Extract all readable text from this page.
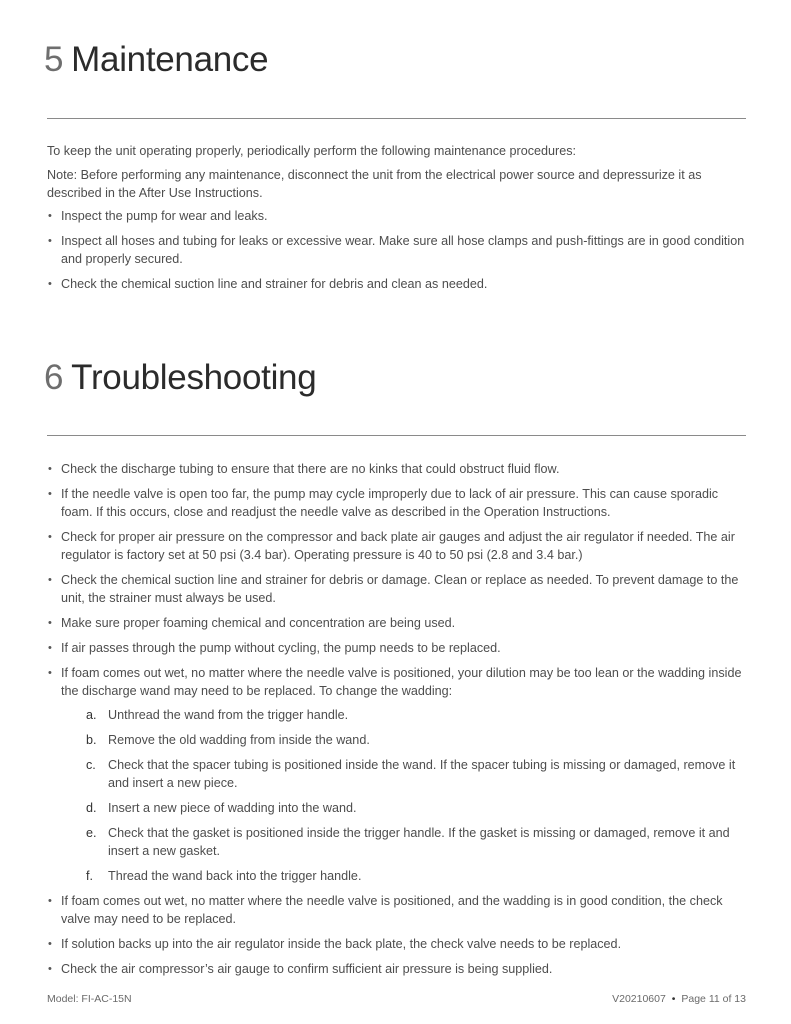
5 Maintenance
To keep the unit operating properly, periodically perform the following maintenance procedures:
Note: Before performing any maintenance, disconnect the unit from the electrical power source and depressurize it as described in the After Use Instructions.
• Inspect the pump for wear and leaks.
• Inspect all hoses and tubing for leaks or excessive wear. Make sure all hose clamps and push-fittings are in good condition and properly secured.
• Check the chemical suction line and strainer for debris and clean as needed.
6 Troubleshooting
• Check the discharge tubing to ensure that there are no kinks that could obstruct fluid flow.
• If the needle valve is open too far, the pump may cycle improperly due to lack of air pressure. This can cause sporadic foam. If this occurs, close and readjust the needle valve as described in the Operation Instructions.
• Check for proper air pressure on the compressor and back plate air gauges and adjust the air regulator if needed. The air regulator is factory set at 50 psi (3.4 bar). Operating pressure is 40 to 50 psi (2.8 and 3.4 bar.)
• Check the chemical suction line and strainer for debris or damage. Clean or replace as needed. To prevent damage to the unit, the strainer must always be used.
• Make sure proper foaming chemical and concentration are being used.
• If air passes through the pump without cycling, the pump needs to be replaced.
• If foam comes out wet, no matter where the needle valve is positioned, your dilution may be too lean or the wadding inside the discharge wand may need to be replaced. To change the wadding:
a. Unthread the wand from the trigger handle.
b. Remove the old wadding from inside the wand.
c. Check that the spacer tubing is positioned inside the wand. If the spacer tubing is missing or damaged, remove it and insert a new piece.
d. Insert a new piece of wadding into the wand.
e. Check that the gasket is positioned inside the trigger handle. If the gasket is missing or damaged, remove it and insert a new gasket.
f. Thread the wand back into the trigger handle.
• If foam comes out wet, no matter where the needle valve is positioned, and the wadding is in good condition, the check valve may need to be replaced.
• If solution backs up into the air regulator inside the back plate, the check valve needs to be replaced.
• Check the air compressor’s air gauge to confirm sufficient air pressure is being supplied.
Model: FI-AC-15N	V20210607 • Page 11 of 13
